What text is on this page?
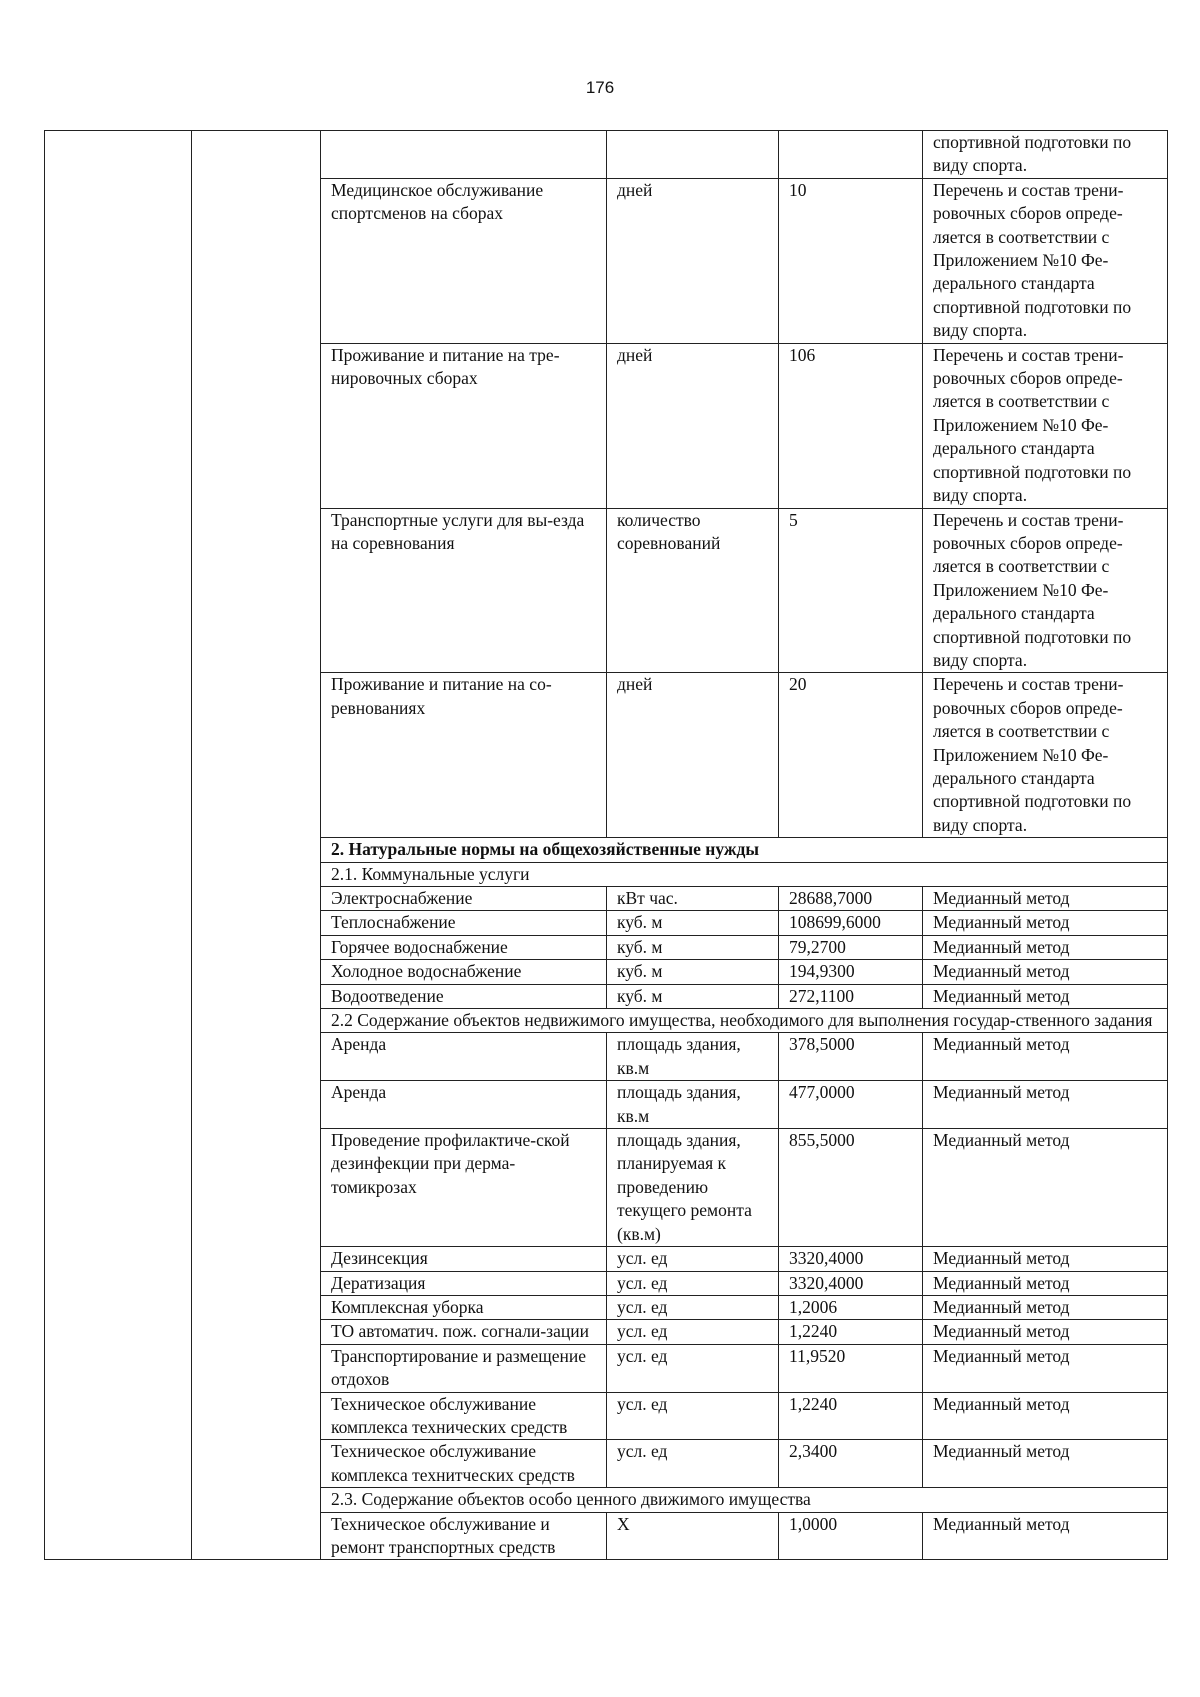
176

					спортивной подготовки по виду спорта.
		Медицинское обслуживание спортсменов на сборах	дней	10	Перечень и состав трени-ровочных сборов опреде-ляется в соответствии с Приложением №10 Фе-дерального стандарта спортивной подготовки по виду спорта.
		Проживание и питание на тре-нировочных сборах	дней	106	Перечень и состав трени-ровочных сборов опреде-ляется в соответствии с Приложением №10 Фе-дерального стандарта спортивной подготовки по виду спорта.
		Транспортные услуги для вы-езда на соревнования	количество соревнований	5	Перечень и состав трени-ровочных сборов опреде-ляется в соответствии с Приложением №10 Фе-дерального стандарта спортивной подготовки по виду спорта.
		Проживание и питание на со-ревнованиях	дней	20	Перечень и состав трени-ровочных сборов опреде-ляется в соответствии с Приложением №10 Фе-дерального стандарта спортивной подготовки по виду спорта.
		2. Натуральные нормы на общехозяйственные нужды			
		2.1. Коммунальные услуги			
		Электроснабжение	кВт час.	28688,7000	Медианный метод
		Теплоснабжение	куб. м	108699,6000	Медианный метод
		Горячее водоснабжение	куб. м	79,2700	Медианный метод
		Холодное водоснабжение	куб. м	194,9300	Медианный метод
		Водоотведение	куб. м	272,1100	Медианный метод
		2.2 Содержание объектов недвижимого имущества, необходимого для выполнения государ-ственного задания			
		Аренда	площадь здания, кв.м	378,5000	Медианный метод
		Аренда	площадь здания, кв.м	477,0000	Медианный метод
		Проведение профилактиче-ской дезинфекции при дерма-томикрозах	площадь здания, планируемая к проведению текущего ремонта (кв.м)	855,5000	Медианный метод
		Дезинсекция	усл. ед	3320,4000	Медианный метод
		Дератизация	усл. ед	3320,4000	Медианный метод
		Комплексная уборка	усл. ед	1,2006	Медианный метод
		ТО автоматич. пож. согнали-зации	усл. ед	1,2240	Медианный метод
		Транспортирование и размещение отдохов	усл. ед	11,9520	Медианный метод
		Техническое обслуживание комплекса технических средств	усл. ед	1,2240	Медианный метод
		Техническое обслуживание комплекса технитческих средств	усл. ед	2,3400	Медианный метод
		2.3. Содержание объектов особо ценного движимого имущества			
		Техническое обслуживание и ремонт транспортных средств	Х	1,0000	Медианный метод
